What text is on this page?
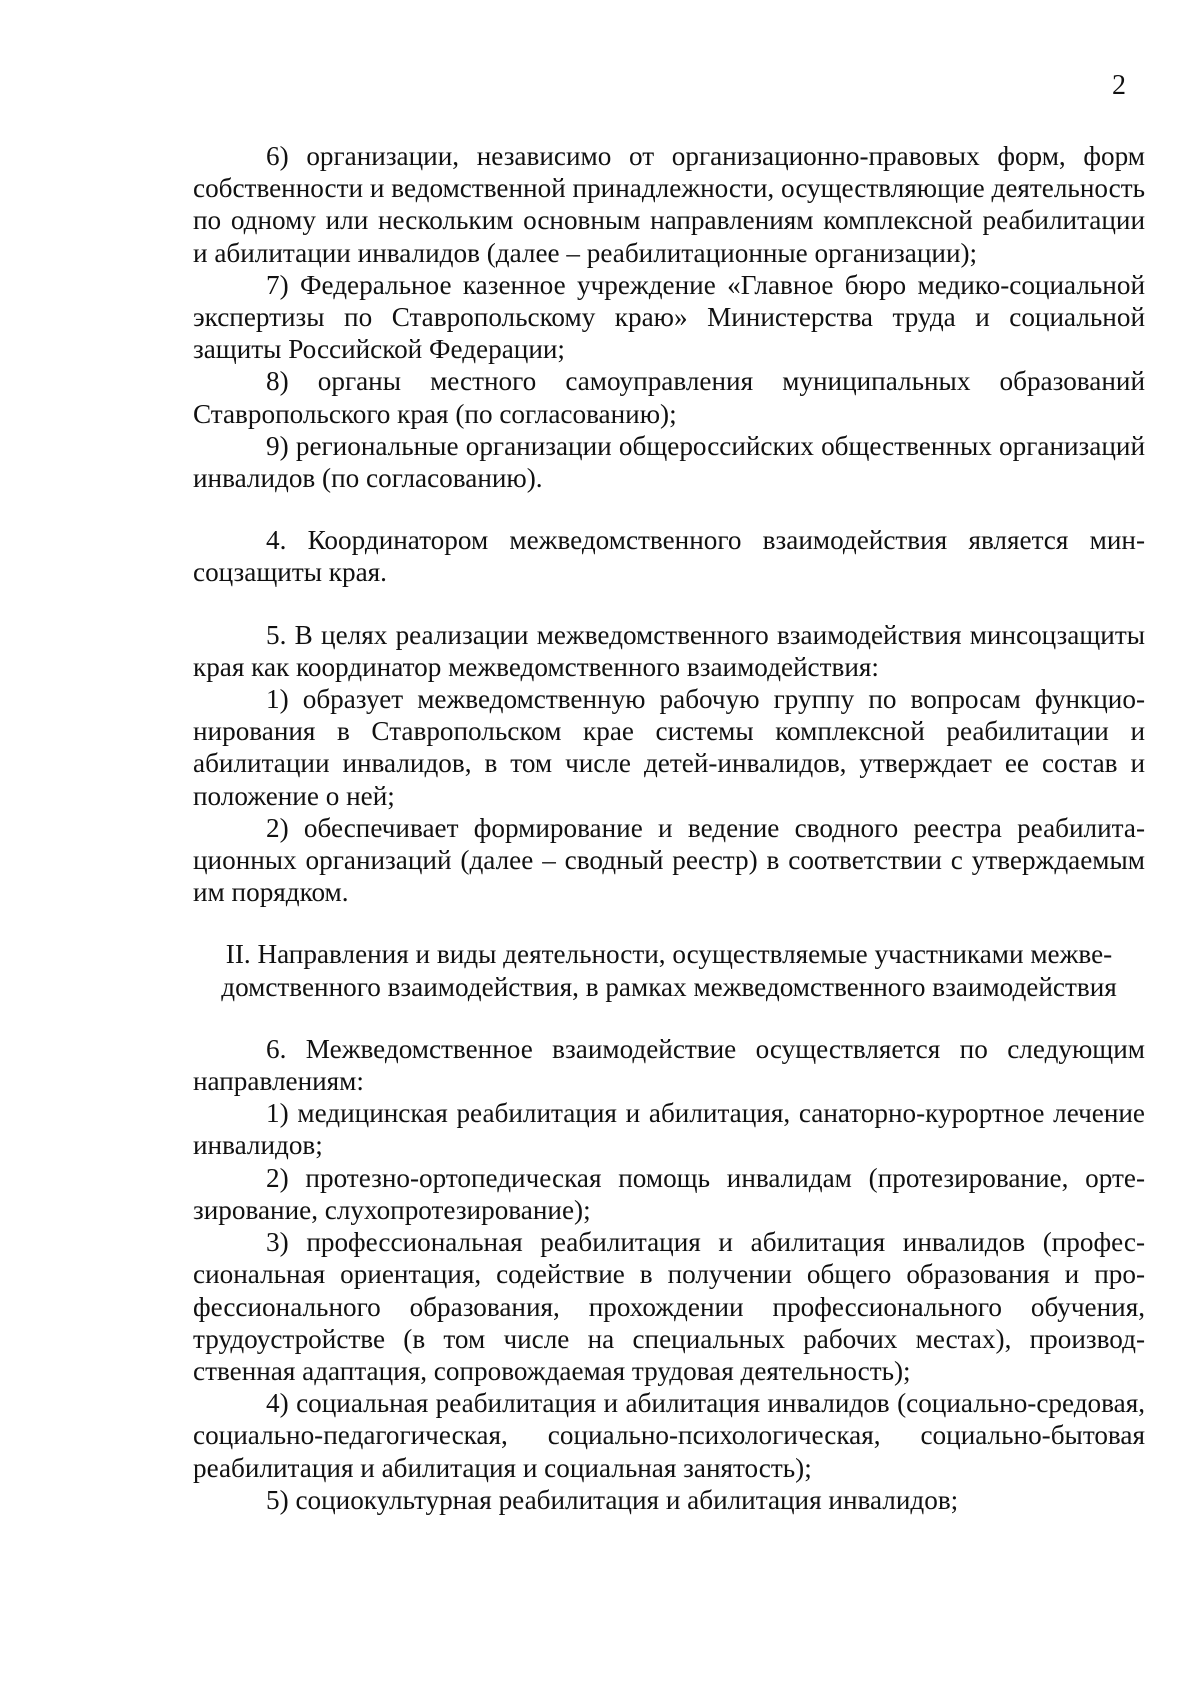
2

6) организации, независимо от организационно-правовых форм, форм собственности и ведомственной принадлежности, осуществляющие деятельность по одному или нескольким основным направлениям комплексной реабилитации и абилитации инвалидов (далее – реабилитационные организации);

7) Федеральное казенное учреждение «Главное бюро медико-социальной экспертизы по Ставропольскому краю» Министерства труда и социальной защиты Российской Федерации;

8) органы местного самоуправления муниципальных образований Ставропольского края (по согласованию);

9) региональные организации общероссийских общественных организаций инвалидов (по согласованию).

4. Координатором межведомственного взаимодействия является минсоцзащиты края.

5. В целях реализации межведомственного взаимодействия минсоцзащиты края как координатор межведомственного взаимодействия:

1) образует межведомственную рабочую группу по вопросам функционирования в Ставропольском крае системы комплексной реабилитации и абилитации инвалидов, в том числе детей-инвалидов, утверждает ее состав и положение о ней;

2) обеспечивает формирование и ведение сводного реестра реабилитационных организаций (далее – сводный реестр) в соответствии с утверждаемым им порядком.

II. Направления и виды деятельности, осуществляемые участниками межведомственного взаимодействия, в рамках межведомственного взаимодействия

6. Межведомственное взаимодействие осуществляется по следующим направлениям:

1) медицинская реабилитация и абилитация, санаторно-курортное лечение инвалидов;

2) протезно-ортопедическая помощь инвалидам (протезирование, ортезирование, слухопротезирование);

3) профессиональная реабилитация и абилитация инвалидов (профессиональная ориентация, содействие в получении общего образования и профессионального образования, прохождении профессионального обучения, трудоустройстве (в том числе на специальных рабочих местах), производственная адаптация, сопровождаемая трудовая деятельность);

4) социальная реабилитация и абилитация инвалидов (социально-средовая, социально-педагогическая, социально-психологическая, социально-бытовая реабилитация и абилитация и социальная занятость);

5) социокультурная реабилитация и абилитация инвалидов;
